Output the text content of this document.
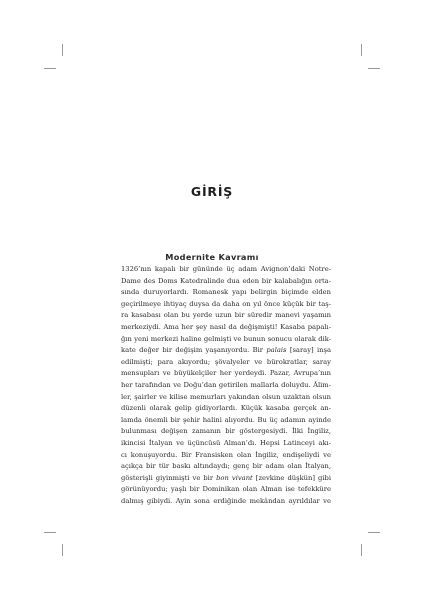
GİRİŞ
Modernite Kavramı
1326’nın kapalı bir gününde üç adam Avignon’daki Notre-
Dame des Doms Katedralinde dua eden bir kalabalığın orta-
sında duruyorlardı. Romanesk yapı belirgin biçimde elden
geçirilmeye ihtiyaç duysa da daha on yıl önce küçük bir taş-
ra kasabası olan bu yerde uzun bir süredir manevi yaşamın
merkeziydi. Ama her şey nasıl da değişmişti! Kasaba papalı-
ğın yeni merkezi haline gelmişti ve bunun sonucu olarak dik-
kate değer bir değişim yaşanıyordu. Bir palais [saray] inşa
edilmişti; para akıyordu; şövalyeler ve bürokratlar, saray
mensupları ve büyükelçiler her yerdeydi. Pazar, Avrupa’nın
her tarafından ve Doğu’dan getirilen mallarla doluydu. Âlim-
ler, şairler ve kilise memurları yakından olsun uzaktan olsun
düzenli olarak gelip gidiyorlardı. Küçük kasaba gerçek an-
lamda önemli bir şehir halini alıyordu. Bu üç adamın ayinde
bulunması değişen zamanın bir göstergesiydi. İlki İngiliz,
ikincisi İtalyan ve üçüncüsü Alman’dı. Hepsi Latinceyi akı-
cı konuşuyordu. Bir Fransisken olan İngiliz, endişeliydi ve
açıkça bir tür baskı altındaydı; genç bir adam olan İtalyan,
gösterişli giyinmişti ve bir bon vivant [zevkine düşkün] gibi
görünüyordu; yaşlı bir Dominikan olan Alman ise tefekküre
dalmış gibiydi. Ayin sona erdiğinde mekândan ayrıldılar ve
